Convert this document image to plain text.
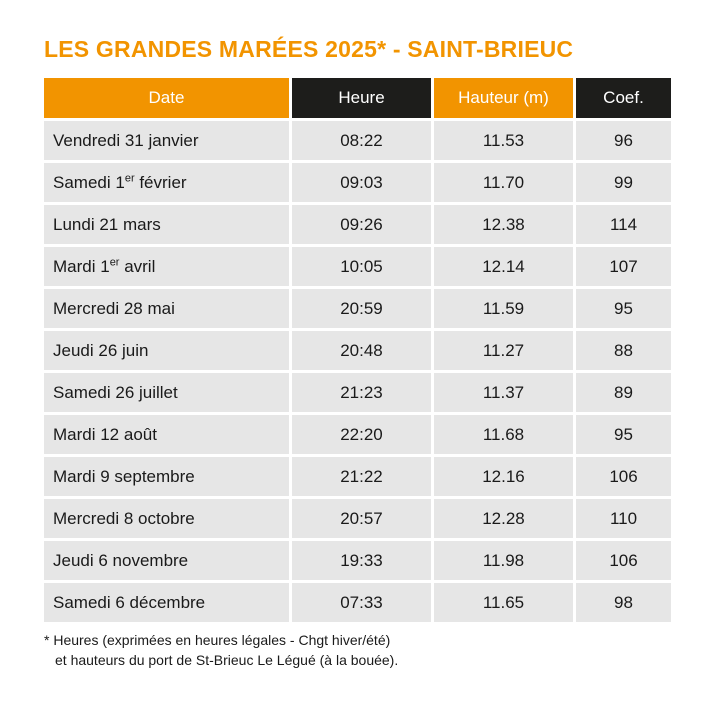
LES GRANDES MARÉES 2025* - SAINT-BRIEUC
Date	Heure	Hauteur (m)	Coef.
Vendredi 31 janvier	08:22	11.53	96
Samedi 1er février	09:03	11.70	99
Lundi 21 mars	09:26	12.38	114
Mardi 1er avril	10:05	12.14	107
Mercredi 28 mai	20:59	11.59	95
Jeudi 26 juin	20:48	11.27	88
Samedi 26 juillet	21:23	11.37	89
Mardi 12 août	22:20	11.68	95
Mardi 9 septembre	21:22	12.16	106
Mercredi 8 octobre	20:57	12.28	110
Jeudi 6 novembre	19:33	11.98	106
Samedi 6 décembre	07:33	11.65	98
* Heures (exprimées en heures légales - Chgt hiver/été)
et hauteurs du port de St-Brieuc Le Légué (à la bouée).
